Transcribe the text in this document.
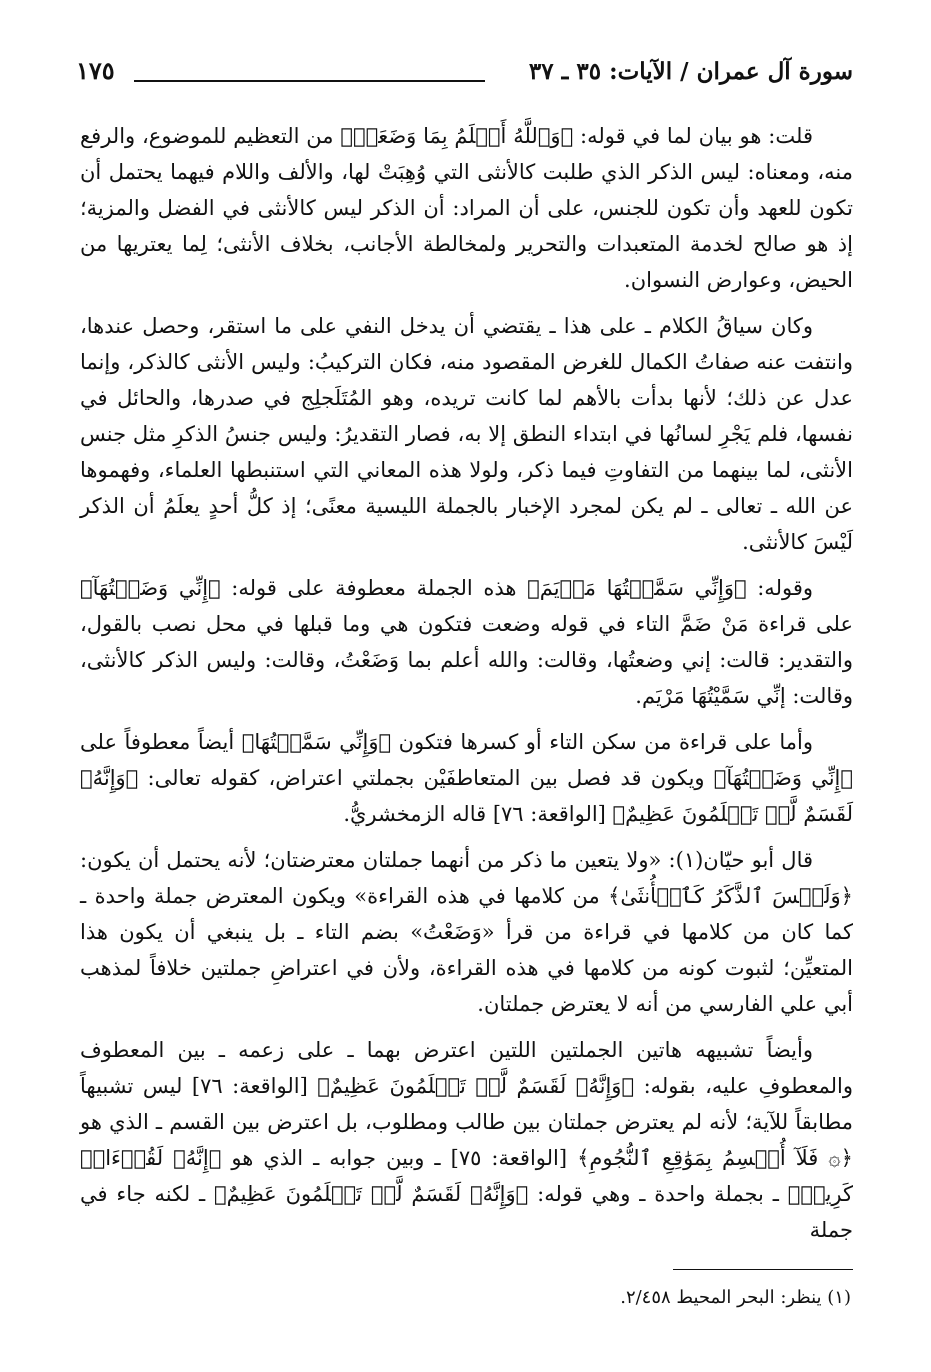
سورة آل عمران / الآيات: ٣٥ ـ ٣٧
١٧٥

قلت: هو بيان لما في قوله: ﴿وَٱللَّهُ أَعۡلَمُ بِمَا وَضَعَتۡ﴾ من التعظيم للموضوع، والرفع منه، ومعناه: ليس الذكر الذي طلبت كالأنثى التي وُهِبَتْ لها، والألف واللام فيهما يحتمل أن تكون للعهد وأن تكون للجنس، على أن المراد: أن الذكر ليس كالأنثى في الفضل والمزية؛ إذ هو صالح لخدمة المتعبدات والتحرير ولمخالطة الأجانب، بخلاف الأنثى؛ لِما يعتريها من الحيض، وعوارض النسوان.

وكان سياقُ الكلام ـ على هذا ـ يقتضي أن يدخل النفي على ما استقر، وحصل عندها، وانتفت عنه صفاتُ الكمال للغرض المقصود منه، فكان التركيبُ: وليس الأنثى كالذكر، وإنما عدل عن ذلك؛ لأنها بدأت بالأهم لما كانت تريده، وهو المُتَلَجلِج في صدرها، والحائل في نفسها، فلم يَجْرِ لسانُها في ابتداء النطق إلا به، فصار التقديرُ: وليس جنسُ الذكرِ مثل جنس الأنثى، لما بينهما من التفاوتِ فيما ذكر، ولولا هذه المعاني التي استنبطها العلماء، وفهموها عن الله ـ تعالى ـ لم يكن لمجرد الإخبار بالجملة الليسية معنًى؛ إذ كلُّ أحدٍ يعلَمُ أن الذكر لَيْسَ كالأنثى.

وقوله: ﴿وَإِنِّي سَمَّيۡتُهَا مَرۡيَمَ﴾ هذه الجملة معطوفة على قوله: ﴿إِنِّي وَضَعۡتُهَآ﴾ على قراءة مَنْ ضَمَّ التاء في قوله وضعت فتكون هي وما قبلها في محل نصب بالقول، والتقدير: قالت: إني وضعتُها، وقالت: والله أعلم بما وَضَعْتُ، وقالت: وليس الذكر كالأنثى، وقالت: إنِّي سَمَّيْتُهَا مَرْيَم.

وأما على قراءة من سكن التاء أو كسرها فتكون ﴿وَإِنِّي سَمَّيۡتُهَا﴾ أيضاً معطوفاً على ﴿إِنِّي وَضَعۡتُهَآ﴾ ويكون قد فصل بين المتعاطفَيْن بجملتي اعتراض، كقوله تعالى: ﴿وَإِنَّهُۥ لَقَسَمٌ لَّوۡ تَعۡلَمُونَ عَظِيمٌ﴾ [الواقعة: ٧٦] قاله الزمخشريُّ.

قال أبو حيّان(١): «ولا يتعين ما ذكر من أنهما جملتان معترضتان؛ لأنه يحتمل أن يكون: ﴿وَلَيۡسَ ٱلذَّكَرُ كَٱلۡأُنثَىٰ﴾ من كلامها في هذه القراءة» ويكون المعترض جملة واحدة ـ كما كان من كلامها في قراءة من قرأ «وَضَعْتُ» بضم التاء ـ بل ينبغي أن يكون هذا المتعيِّن؛ لثبوت كونه من كلامها في هذه القراءة، ولأن في اعتراضِ جملتين خلافاً لمذهب أبي علي الفارسي من أنه لا يعترض جملتان.

وأيضاً تشبيهه هاتين الجملتين اللتين اعترض بهما ـ على زعمه ـ بين المعطوف والمعطوفِ عليه، بقوله: ﴿وَإِنَّهُۥ لَقَسَمٌ لَّوۡ تَعۡلَمُونَ عَظِيمٌ﴾ [الواقعة: ٧٦] ليس تشبيهاً مطابقاً للآية؛ لأنه لم يعترض جملتان بين طالب ومطلوب، بل اعترض بين القسم ـ الذي هو ﴿۞ فَلَآ أُقۡسِمُ بِمَوَٰقِعِ ٱلنُّجُومِ﴾ [الواقعة: ٧٥] ـ وبين جوابه ـ الذي هو ﴿إِنَّهُۥ لَقُرۡءَانٞ كَرِيمٞ﴾ ـ بجملة واحدة ـ وهي قوله: ﴿وَإِنَّهُۥ لَقَسَمٌ لَّوۡ تَعۡلَمُونَ عَظِيمٌ﴾ ـ لكنه جاء في جملة

(١) ينظر: البحر المحيط ٢/٤٥٨.
